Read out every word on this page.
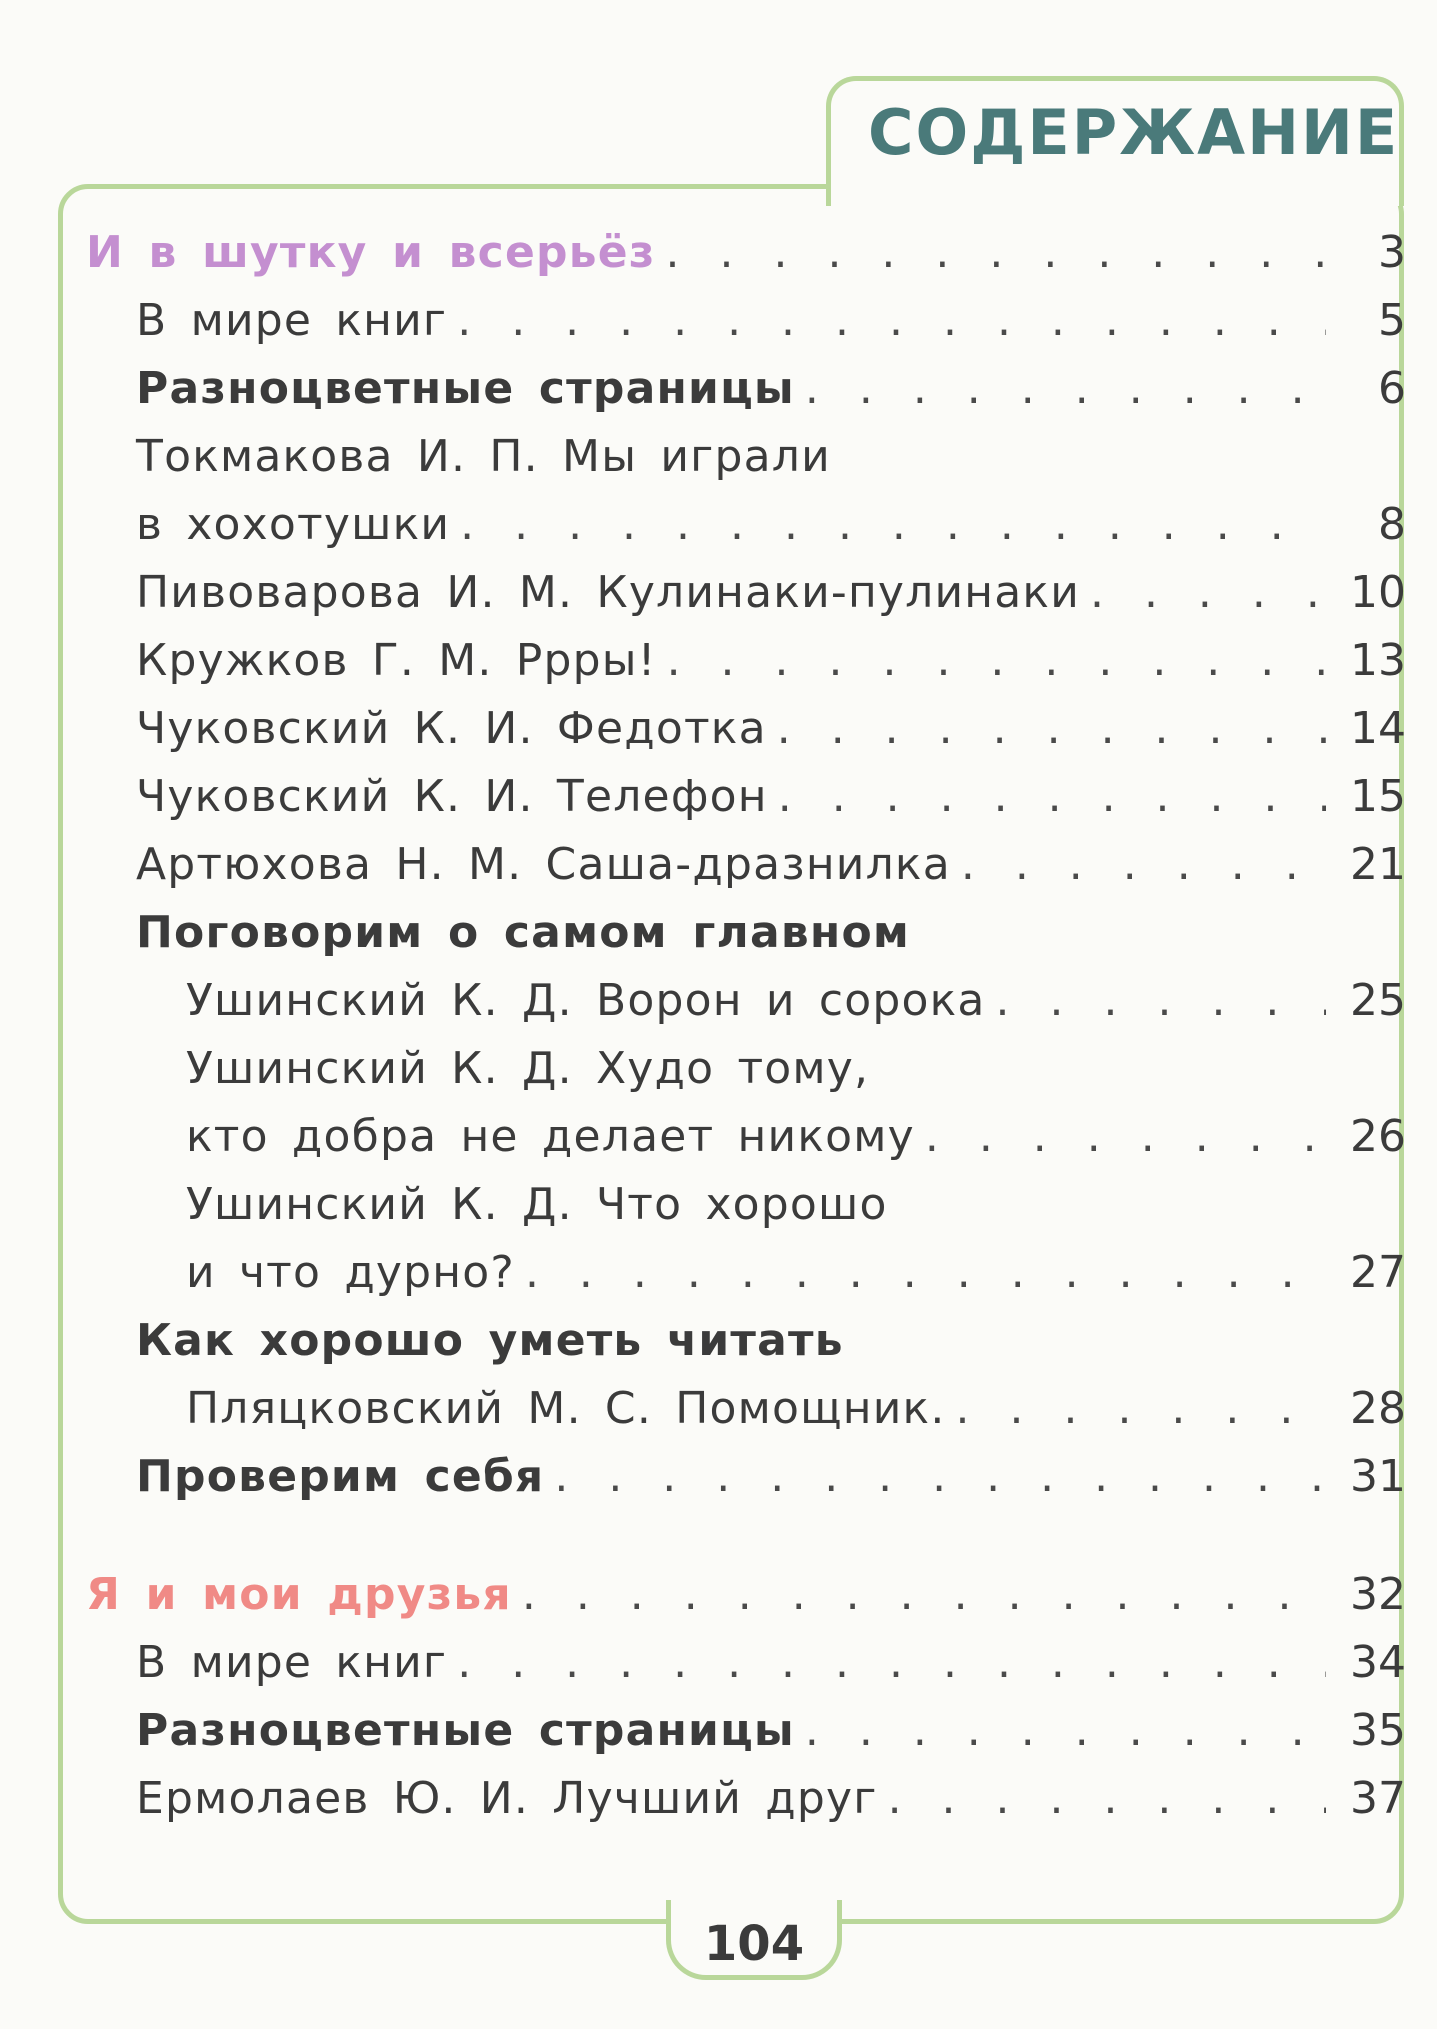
СОДЕРЖАНИЕ
И в шутку и всерьёз . . .	3
В мире книг . . .	5
Разноцветные страницы . . .	6
Токмакова И. П. Мы играли
в хохотушки . . .	8
Пивоварова И. М. Кулинаки-пулинаки . . .	10
Кружков Г. М. Ррры! . . .	13
Чуковский К. И. Федотка . . .	14
Чуковский К. И. Телефон . . .	15
Артюхова Н. М. Саша-дразнилка . . .	21
Поговорим о самом главном
Ушинский К. Д. Ворон и сорока . . .	25
Ушинский К. Д. Худо тому,
кто добра не делает никому . . .	26
Ушинский К. Д. Что хорошо
и что дурно? . . .	27
Как хорошо уметь читать
Пляцковский М. С. Помощник. . . .	28
Проверим себя . . .	31
Я и мои друзья . . .	32
В мире книг . . .	34
Разноцветные страницы . . .	35
Ермолаев Ю. И. Лучший друг . . .	37
104
